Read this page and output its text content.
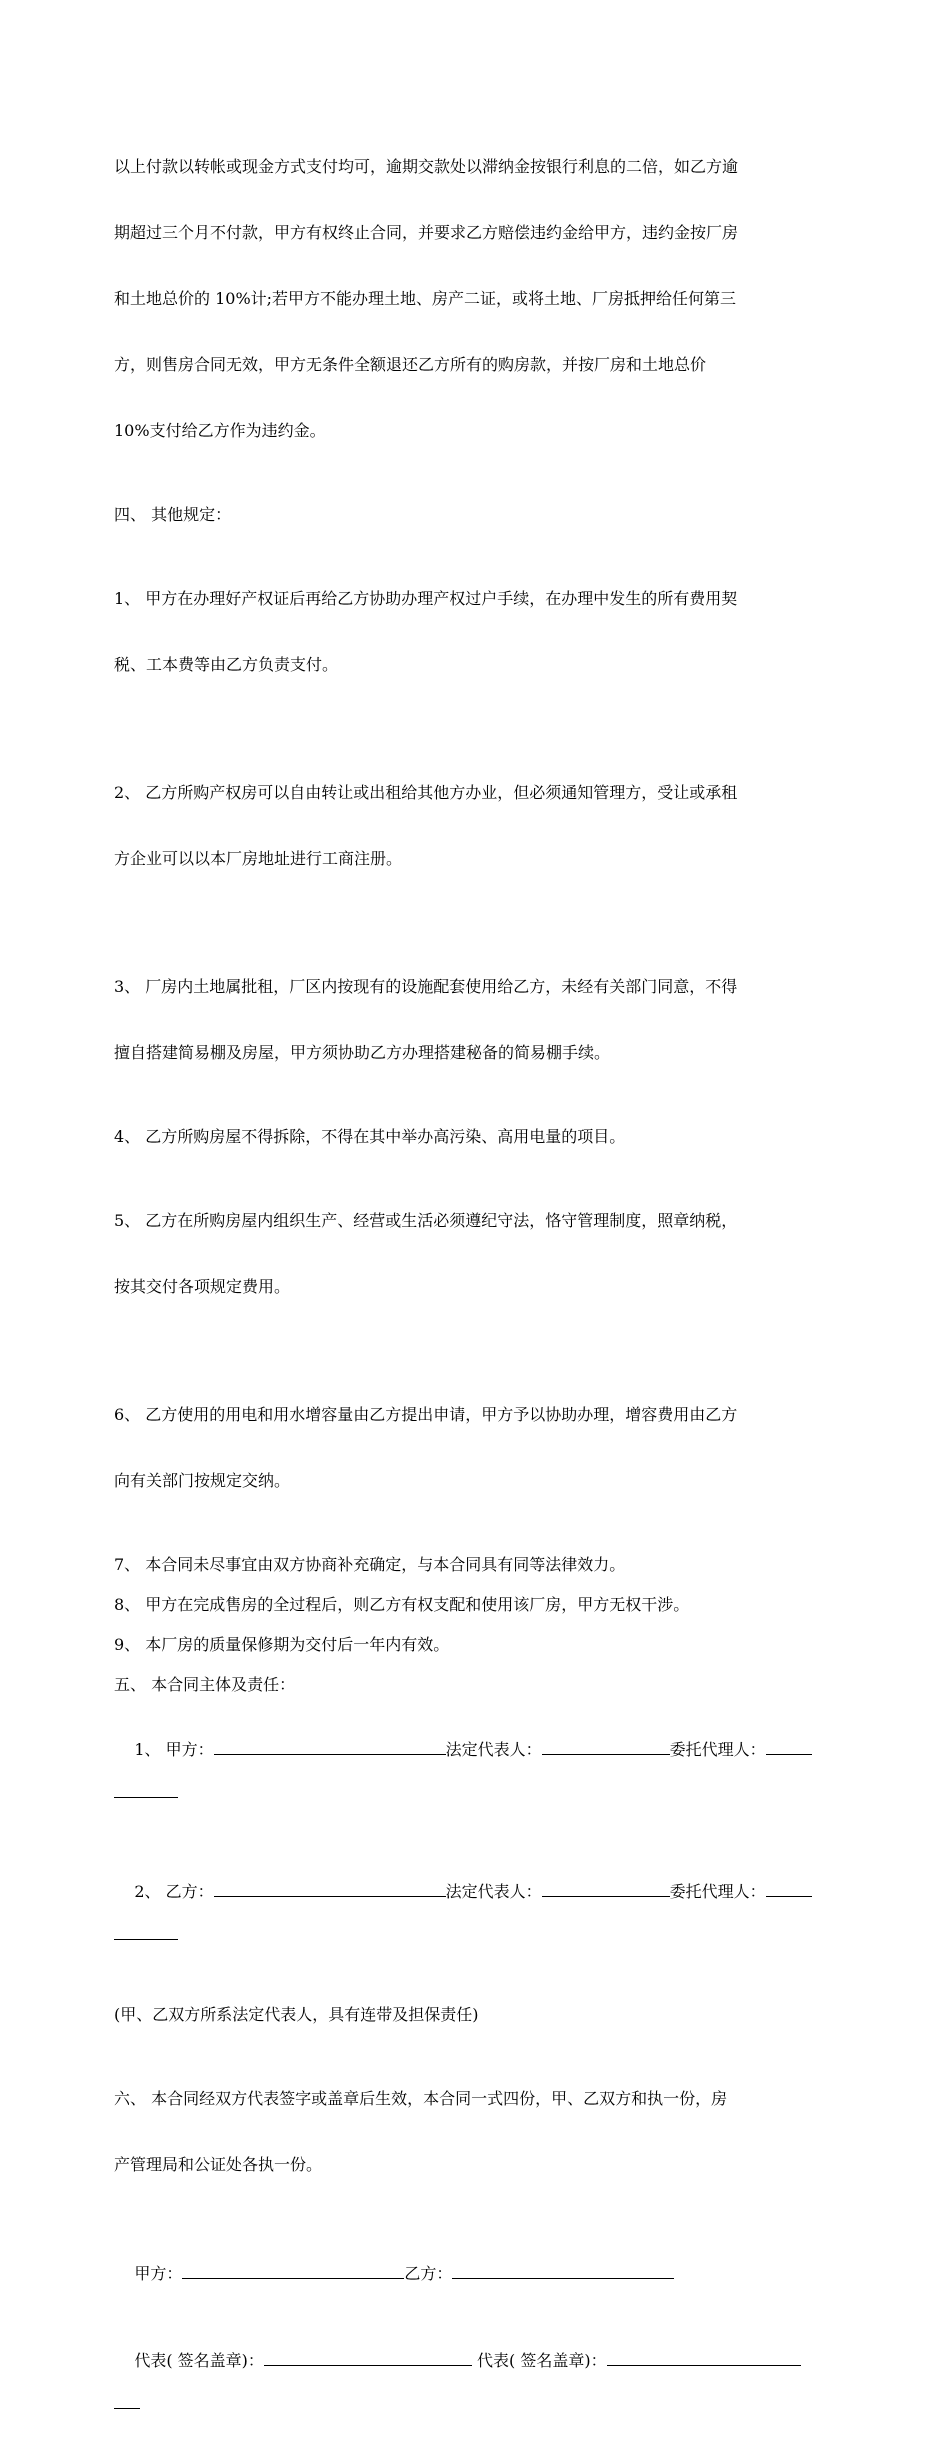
以上付款以转帐或现金方式支付均可，逾期交款处以滞纳金按银行利息的二倍，如乙方逾

期超过三个月不付款，甲方有权终止合同，并要求乙方赔偿违约金给甲方，违约金按厂房

和土地总价的 10%计;若甲方不能办理土地、房产二证，或将土地、厂房抵押给任何第三

方，则售房合同无效，甲方无条件全额退还乙方所有的购房款，并按厂房和土地总价

10%支付给乙方作为违约金。

四、 其他规定：

1、 甲方在办理好产权证后再给乙方协助办理产权过户手续，在办理中发生的所有费用契

税、工本费等由乙方负责支付。

2、 乙方所购产权房可以自由转让或出租给其他方办业，但必须通知管理方，受让或承租

方企业可以以本厂房地址进行工商注册。

3、 厂房内土地属批租，厂区内按现有的设施配套使用给乙方，未经有关部门同意，不得

擅自搭建简易棚及房屋，甲方须协助乙方办理搭建秘备的简易棚手续。

4、 乙方所购房屋不得拆除，不得在其中举办高污染、高用电量的项目。

5、 乙方在所购房屋内组织生产、经营或生活必须遵纪守法，恪守管理制度，照章纳税，

按其交付各项规定费用。

6、 乙方使用的用电和用水增容量由乙方提出申请，甲方予以协助办理，增容费用由乙方

向有关部门按规定交纳。

7、 本合同未尽事宜由双方协商补充确定，与本合同具有同等法律效力。

8、 甲方在完成售房的全过程后，则乙方有权支配和使用该厂房，甲方无权干涉。

9、 本厂房的质量保修期为交付后一年内有效。

五、 本合同主体及责任：

1、 甲方：	法定代表人：	委托代理人：

2、 乙方：	法定代表人：	委托代理人：

(甲、乙双方所系法定代表人，具有连带及担保责任)

六、 本合同经双方代表签字或盖章后生效，本合同一式四份，甲、乙双方和执一份，房

产管理局和公证处各执一份。

甲方：	乙方：

代表( 签名盖章)：	代表( 签名盖章)：
